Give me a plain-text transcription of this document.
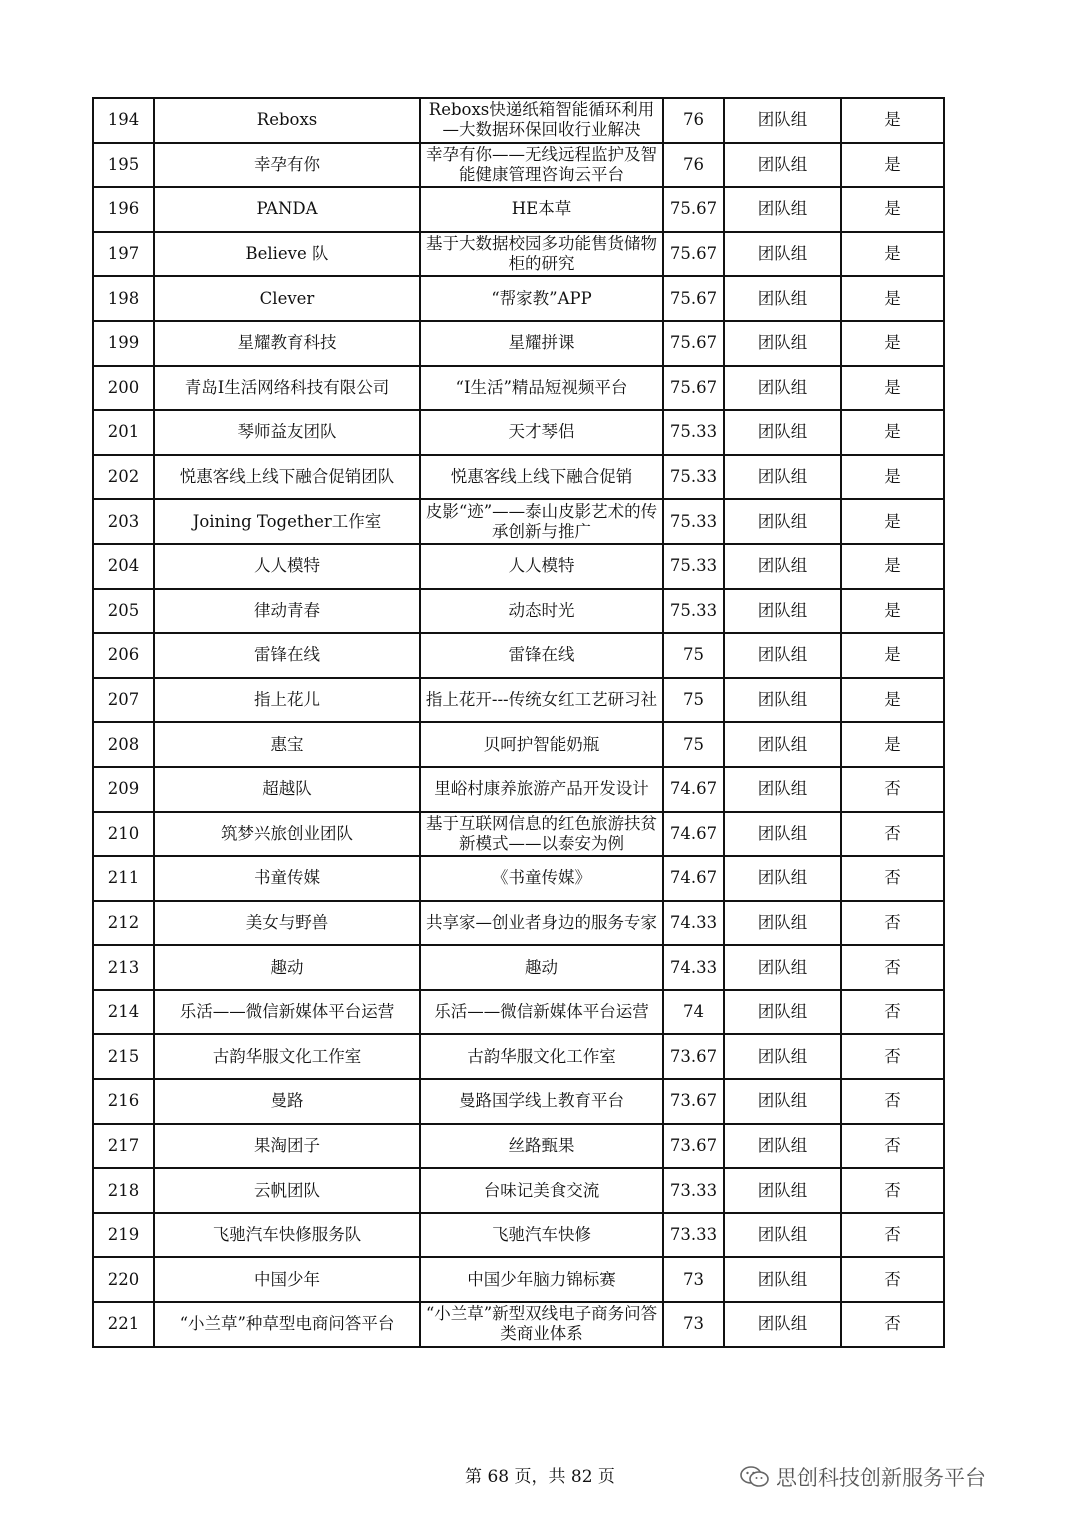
194	Reboxs	Reboxs快递纸箱智能循环利用—大数据环保回收行业解决	76	团队组	是
195	幸孕有你	幸孕有你——无线远程监护及智能健康管理咨询云平台	76	团队组	是
196	PANDA	HE本草	75.67	团队组	是
197	Believe 队	基于大数据校园多功能售货储物柜的研究	75.67	团队组	是
198	Clever	“帮家教”APP	75.67	团队组	是
199	星耀教育科技	星耀拼课	75.67	团队组	是
200	青岛I生活网络科技有限公司	“I生活”精品短视频平台	75.67	团队组	是
201	琴师益友团队	天才琴侣	75.33	团队组	是
202	悦惠客线上线下融合促销团队	悦惠客线上线下融合促销	75.33	团队组	是
203	Joining Together工作室	皮影“迹”——泰山皮影艺术的传承创新与推广	75.33	团队组	是
204	人人模特	人人模特	75.33	团队组	是
205	律动青春	动态时光	75.33	团队组	是
206	雷锋在线	雷锋在线	75	团队组	是
207	指上花儿	指上花开---传统女红工艺研习社	75	团队组	是
208	惠宝	贝呵护智能奶瓶	75	团队组	是
209	超越队	里峪村康养旅游产品开发设计	74.67	团队组	否
210	筑梦兴旅创业团队	基于互联网信息的红色旅游扶贫新模式——以泰安为例	74.67	团队组	否
211	书童传媒	《书童传媒》	74.67	团队组	否
212	美女与野兽	共享家—创业者身边的服务专家	74.33	团队组	否
213	趣动	趣动	74.33	团队组	否
214	乐活——微信新媒体平台运营	乐活——微信新媒体平台运营	74	团队组	否
215	古韵华服文化工作室	古韵华服文化工作室	73.67	团队组	否
216	曼路	曼路国学线上教育平台	73.67	团队组	否
217	果淘团子	丝路甄果	73.67	团队组	否
218	云帆团队	台味记美食交流	73.33	团队组	否
219	飞驰汽车快修服务队	飞驰汽车快修	73.33	团队组	否
220	中国少年	中国少年脑力锦标赛	73	团队组	否
221	“小兰草”种草型电商问答平台	“小兰草”新型双线电子商务问答类商业体系	73	团队组	否
第 68 页，共 82 页	思创科技创新服务平台
